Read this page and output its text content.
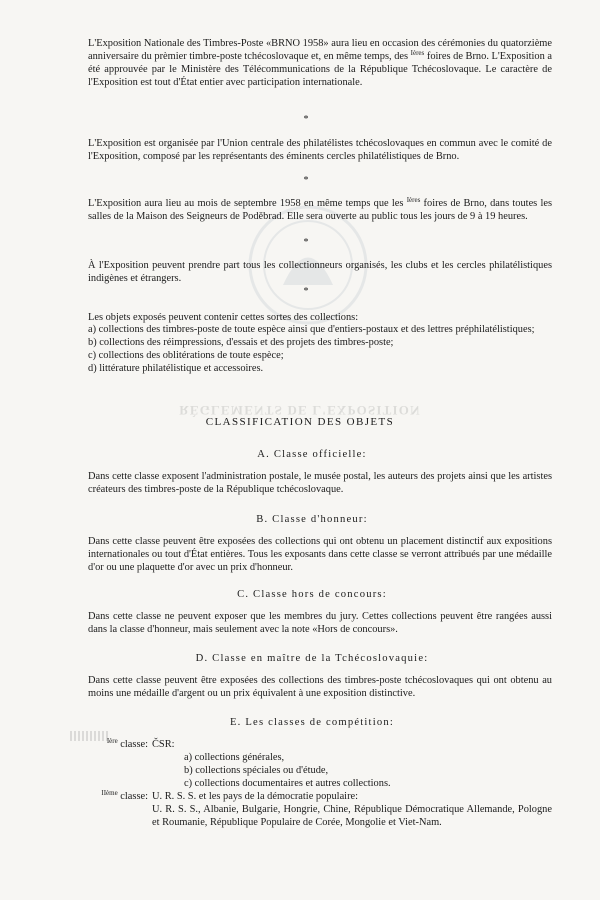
RÈGLEMENTS DE L'EXPOSITION

L'Exposition Nationale des Timbres-Poste «BRNO 1958» aura lieu en occasion des cérémonies du quatorzième anniversaire du prèmier timbre-poste tchécoslovaque et, en même temps, des $^{Ières}$ foires de Brno. L'Exposition a été approuvée par le Ministère des Télécommunications de la République Tchécoslovaque. Le caractère de l'Exposition est tout d'État entier avec participation internationale.

*

L'Exposition est organisée par l'Union centrale des philatélistes tchécoslovaques en commun avec le comité de l'Exposition, composé par les représentants des éminents cercles philatélistiques de Brno.

*

L'Exposition aura lieu au mois de septembre 1958 en même temps que les $^{Ières}$ foires de Brno, dans toutes les salles de la Maison des Seigneurs de Poděbrad. Elle sera ouverte au public tous les jours de 9 à 19 heures.

*

À l'Exposition peuvent prendre part tous les collectionneurs organisés, les clubs et les cercles philatélistiques indigènes et étrangers.

*

Les objets exposés peuvent contenir cettes sortes des collections:

a) collections des timbres-poste de toute espèce ainsi que d'entiers-postaux et des lettres préphilatélistiques;
b) collections des réimpressions, d'essais et des projets des timbres-poste;
c) collections des oblitérations de toute espèce;
d) littérature philatélistique et accessoires.
CLASSIFICATION DES OBJETS
A. Classe officielle:

Dans cette classe exposent l'administration postale, le musée postal, les auteurs des projets ainsi que les artistes créateurs des timbres-poste de la République tchécoslovaque.

B. Classe d'honneur:

Dans cette classe peuvent être exposées des collections qui ont obtenu un placement distinctif aux expositions internationales ou tout d'État entières. Tous les exposants dans cette classe se verront attribués par une médaille d'or ou une plaquette d'or avec un prix d'honneur.

C. Classe hors de concours:

Dans cette classe ne peuvent exposer que les membres du jury. Cettes collections peuvent être rangées aussi dans la classe d'honneur, mais seulement avec la note «Hors de concours».

D. Classe en maître de la Tchécoslovaquie:

Dans cette classe peuvent être exposées des collections des timbres-poste tchécoslovaques qui ont obtenu au moins une médaille d'argent ou un prix équivalent à une exposition distinctive.

E. Les classes de compétition:
$^{Ière}$ classe: ČSR:
a) collections générales,
b) collections spéciales ou d'étude,
c) collections documentaires et autres collections.
$^{IIème}$ classe: U. R. S. S. et les pays de la démocratie populaire:
U. R. S. S., Albanie, Bulgarie, Hongrie, Chine, République Démocratique Allemande, Pologne et Roumanie, République Populaire de Corée, Mongolie et Viet-Nam.
